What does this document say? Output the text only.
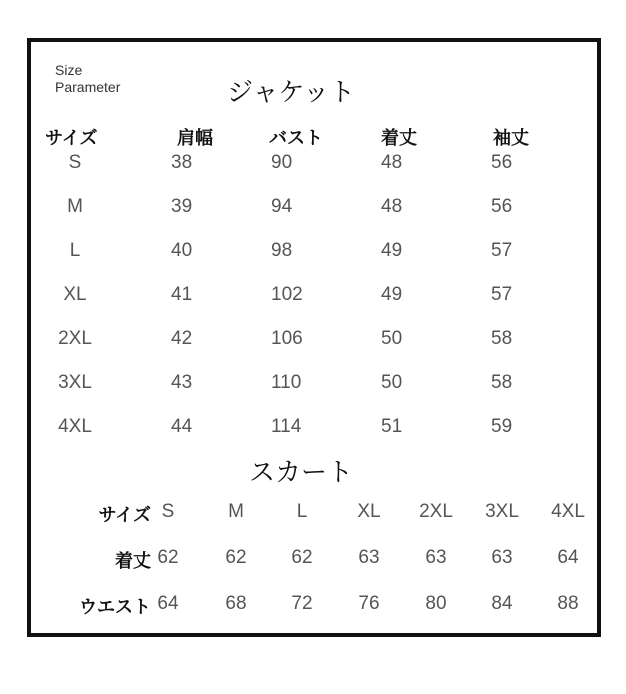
Size
Parameter	ジャケット
サイズ	肩幅	バスト	着丈	袖丈
S	38	90	48	56
M	39	94	48	56
L	40	98	49	57
XL	41	102	49	57
2XL	42	106	50	58
3XL	43	110	50	58
4XL	44	114	51	59
スカート
サイズ S	M	L	XL	2XL	3XL	4XL
着丈 62	62	62	63	63	63	64
ウエスト 64	68	72	76	80	84	88
